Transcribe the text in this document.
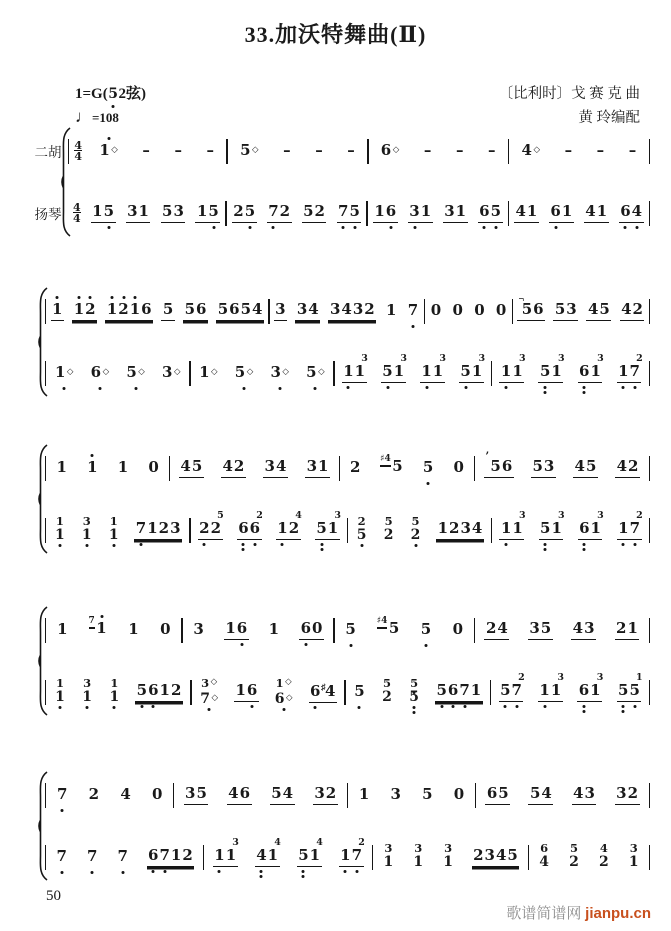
33.加沃特舞曲(Ⅱ)
1=G(5
2弦)
♩=108
〔比利时〕戈 赛 克 曲
黄 玲编配
二胡	$\frac{4}{4} 1$ ◇ – – – 5 ◇ – – – 6 ◇ – – – 4 ◇ – – –
扬琴	$\frac{4}{4} 15$ 31 53 15 25 7
2 52 7
5 16 3
1 31 6
5 41 6
1 41 6
4
1 1
2 1
2
1
6 5 56 5654 3 34 3432 1 7 0 0 0 0
¬56 53 45 42
1 ◇ 6 ◇ 5 ◇ 3 ◇ 1 ◇ 5 ◇ 3 ◇ 5 ◇ 1
1
3
5
1
3
1
1
3
5
1
3
1
1
3
5
1
3
6
1
3
1
7
2
1 1 1 0 45 42 34 31 2 ♯4 5 5 0
ʼ56 53 45 42
1
1
3
1
1
1 7
123 2
2
5
6
6
2
1
2
4
5
1
3 2
5
5
2
5
2 1234 1
1
3
5
1
3
6
1
3
1
7
2
1 7 1 1 0 3 16 1 6
0 5 ♯4 5 5 0 24 35 43 21
1
1
3
1
1
1 5
6
12 3 ◇
7 ◇ 16 1 ◇
6 ◇ 6
♯4 5 5
2
5
5 5
6
7
1 5
7
2
1
1
3
6
1
3
5
5
1
7 2 4 0 35 46 54 32 1 3 5 0 65 54 43 32
7 7 7 6
7
12 1
1
3
4
1
4
5
1
4
1
7
2 3
1
3
1
3
1 2345 6
4
5
2
4
2
3
1
50
歌谱简谱网 jianpu.cn
